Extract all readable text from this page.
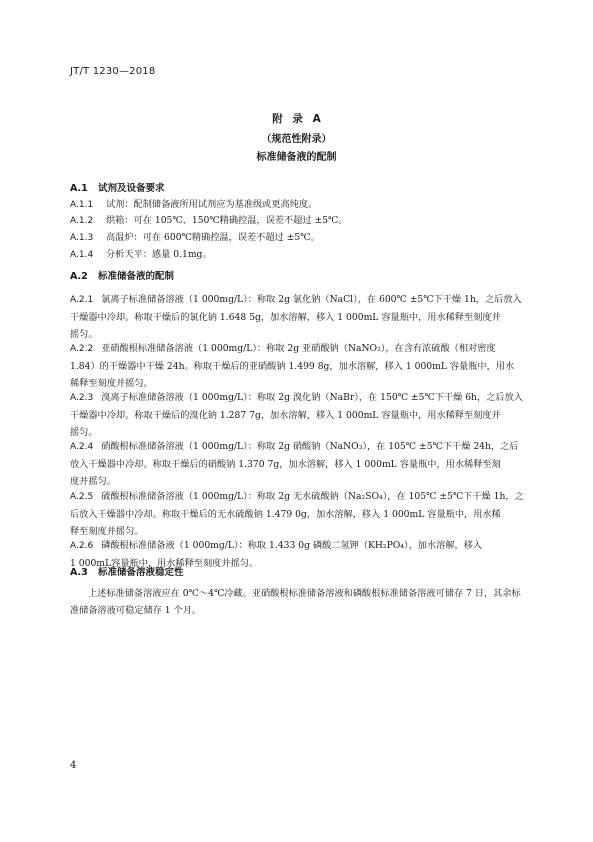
JT/T 1230—2018
附 录 A
（规范性附录）
标准储备液的配制
A.1 试剂及设备要求
A.1.1 试剂：配制储备液所用试剂应为基准级或更高纯度。
A.1.2 烘箱：可在 105℃、150℃精确控温，误差不超过 ±5℃。
A.1.3 高温炉：可在 600℃精确控温，误差不超过 ±5℃。
A.1.4 分析天平：感量 0.1mg。
A.2 标准储备液的配制
A.2.1 氯离子标准储备溶液（1 000mg/L）：称取 2g 氯化钠（NaCl），在 600℃ ±5℃下干燥 1h，之后放入
干燥器中冷却。称取干燥后的氯化钠 1.648 5g，加水溶解，移入 1 000mL 容量瓶中，用水稀释至刻度并
摇匀。
A.2.2 亚硝酸根标准储备溶液（1 000mg/L）：称取 2g 亚硝酸钠（NaNO₂），在含有浓硫酸（相对密度
1.84）的干燥器中干燥 24h。称取干燥后的亚硝酸钠 1.499 8g，加水溶解，移入 1 000mL 容量瓶中，用水
稀释至刻度并摇匀。
A.2.3 溴离子标准储备溶液（1 000mg/L）：称取 2g 溴化钠（NaBr），在 150℃ ±5℃下干燥 6h，之后放入
干燥器中冷却。称取干燥后的溴化钠 1.287 7g，加水溶解，移入 1 000mL 容量瓶中，用水稀释至刻度并
摇匀。
A.2.4 硝酸根标准储备溶液（1 000mg/L）：称取 2g 硝酸钠（NaNO₃），在 105℃ ±5℃下干燥 24h，之后
放入干燥器中冷却。称取干燥后的硝酸钠 1.370 7g，加水溶解，移入 1 000mL 容量瓶中，用水稀释至刻
度并摇匀。
A.2.5 硫酸根标准储备溶液（1 000mg/L）：称取 2g 无水硫酸钠（Na₂SO₄），在 105℃ ±5℃下干燥 1h，之
后放入干燥器中冷却。称取干燥后的无水硫酸钠 1.479 0g，加水溶解，移入 1 000mL 容量瓶中，用水稀
释至刻度并摇匀。
A.2.6 磷酸根标准储备液（1 000mg/L）：称取 1.433 0g 磷酸二氢钾（KH₂PO₄），加水溶解，移入
1 000mL容量瓶中，用水稀释至刻度并摇匀。
A.3 标准储备溶液稳定性
上述标准储备溶液应在 0℃～4℃冷藏。亚硝酸根标准储备溶液和磷酸根标准储备溶液可储存 7 日，其余标准储备溶液可稳定储存 1 个月。
4
